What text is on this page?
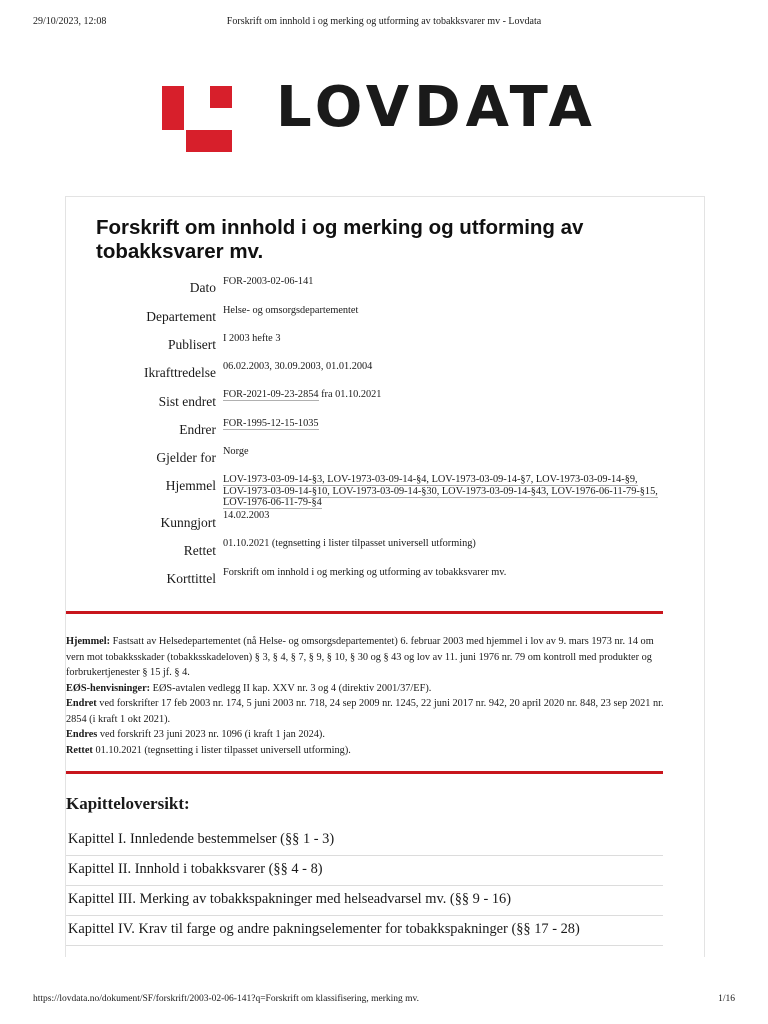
29/10/2023, 12:08	Forskrift om innhold i og merking og utforming av tobakksvarer mv - Lovdata
LOVDATA
Forskrift om innhold i og merking og utforming av tobakksvarer mv.
Dato FOR-2003-02-06-141
Departement Helse- og omsorgsdepartementet
Publisert I 2003 hefte 3
Ikrafttredelse 06.02.2003, 30.09.2003, 01.01.2004
Sist endret FOR-2021-09-23-2854 fra 01.10.2021
Endrer FOR-1995-12-15-1035
Gjelder for Norge
Hjemmel LOV-1973-03-09-14-§3, LOV-1973-03-09-14-§4, LOV-1973-03-09-14-§7, LOV-1973-03-09-14-§9, LOV-1973-03-09-14-§10, LOV-1973-03-09-14-§30, LOV-1973-03-09-14-§43, LOV-1976-06-11-79-§15, LOV-1976-06-11-79-§4
Kunngjort 14.02.2003
Rettet 01.10.2021 (tegnsetting i lister tilpasset universell utforming)
Korttittel Forskrift om innhold i og merking og utforming av tobakksvarer mv.

Hjemmel: Fastsatt av Helsedepartementet (nå Helse- og omsorgsdepartementet) 6. februar 2003 med hjemmel i lov av 9. mars 1973 nr. 14 om vern mot tobakksskader (tobakksskadeloven) § 3, § 4, § 7, § 9, § 10, § 30 og § 43 og lov av 11. juni 1976 nr. 79 om kontroll med produkter og forbrukertjenester § 15 jf. § 4.

EØS-henvisninger: EØS-avtalen vedlegg II kap. XXV nr. 3 og 4 (direktiv 2001/37/EF).

Endret ved forskrifter 17 feb 2003 nr. 174, 5 juni 2003 nr. 718, 24 sep 2009 nr. 1245, 22 juni 2017 nr. 942, 20 april 2020 nr. 848, 23 sep 2021 nr. 2854 (i kraft 1 okt 2021).

Endres ved forskrift 23 juni 2023 nr. 1096 (i kraft 1 jan 2024).

Rettet 01.10.2021 (tegnsetting i lister tilpasset universell utforming).

Kapitteloversikt:
Kapittel I. Innledende bestemmelser (§§ 1 - 3)
Kapittel II. Innhold i tobakksvarer (§§ 4 - 8)
Kapittel III. Merking av tobakkspakninger med helseadvarsel mv. (§§ 9 - 16)
Kapittel IV. Krav til farge og andre pakningselementer for tobakkspakninger (§§ 17 - 28)
https://lovdata.no/dokument/SF/forskrift/2003-02-06-141?q=Forskrift om klassifisering, merking mv.	1/16
